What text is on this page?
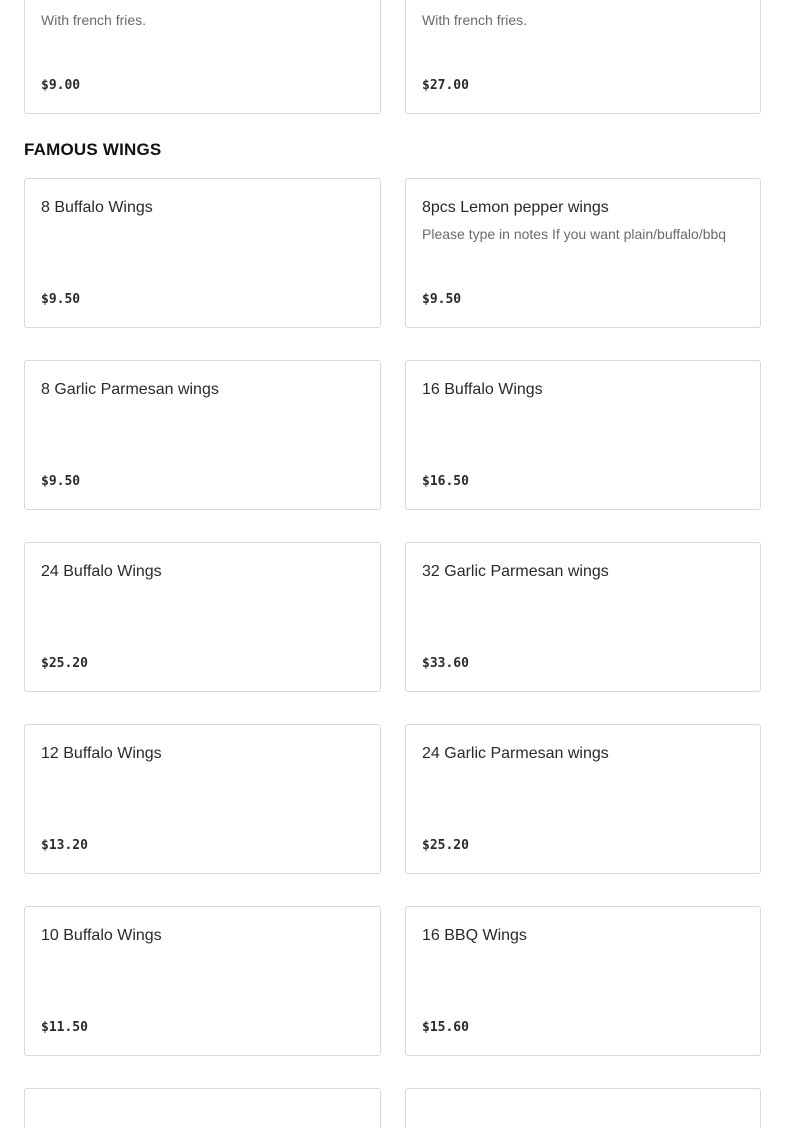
With french fries.
$9.00
With french fries.
$27.00
FAMOUS WINGS
8 Buffalo Wings
$9.50
8pcs Lemon pepper wings
Please type in notes If you want plain/buffalo/bbq
$9.50
8 Garlic Parmesan wings
$9.50
16 Buffalo Wings
$16.50
24 Buffalo Wings
$25.20
32 Garlic Parmesan wings
$33.60
12 Buffalo Wings
$13.20
24 Garlic Parmesan wings
$25.20
10 Buffalo Wings
$11.50
16 BBQ Wings
$15.60
